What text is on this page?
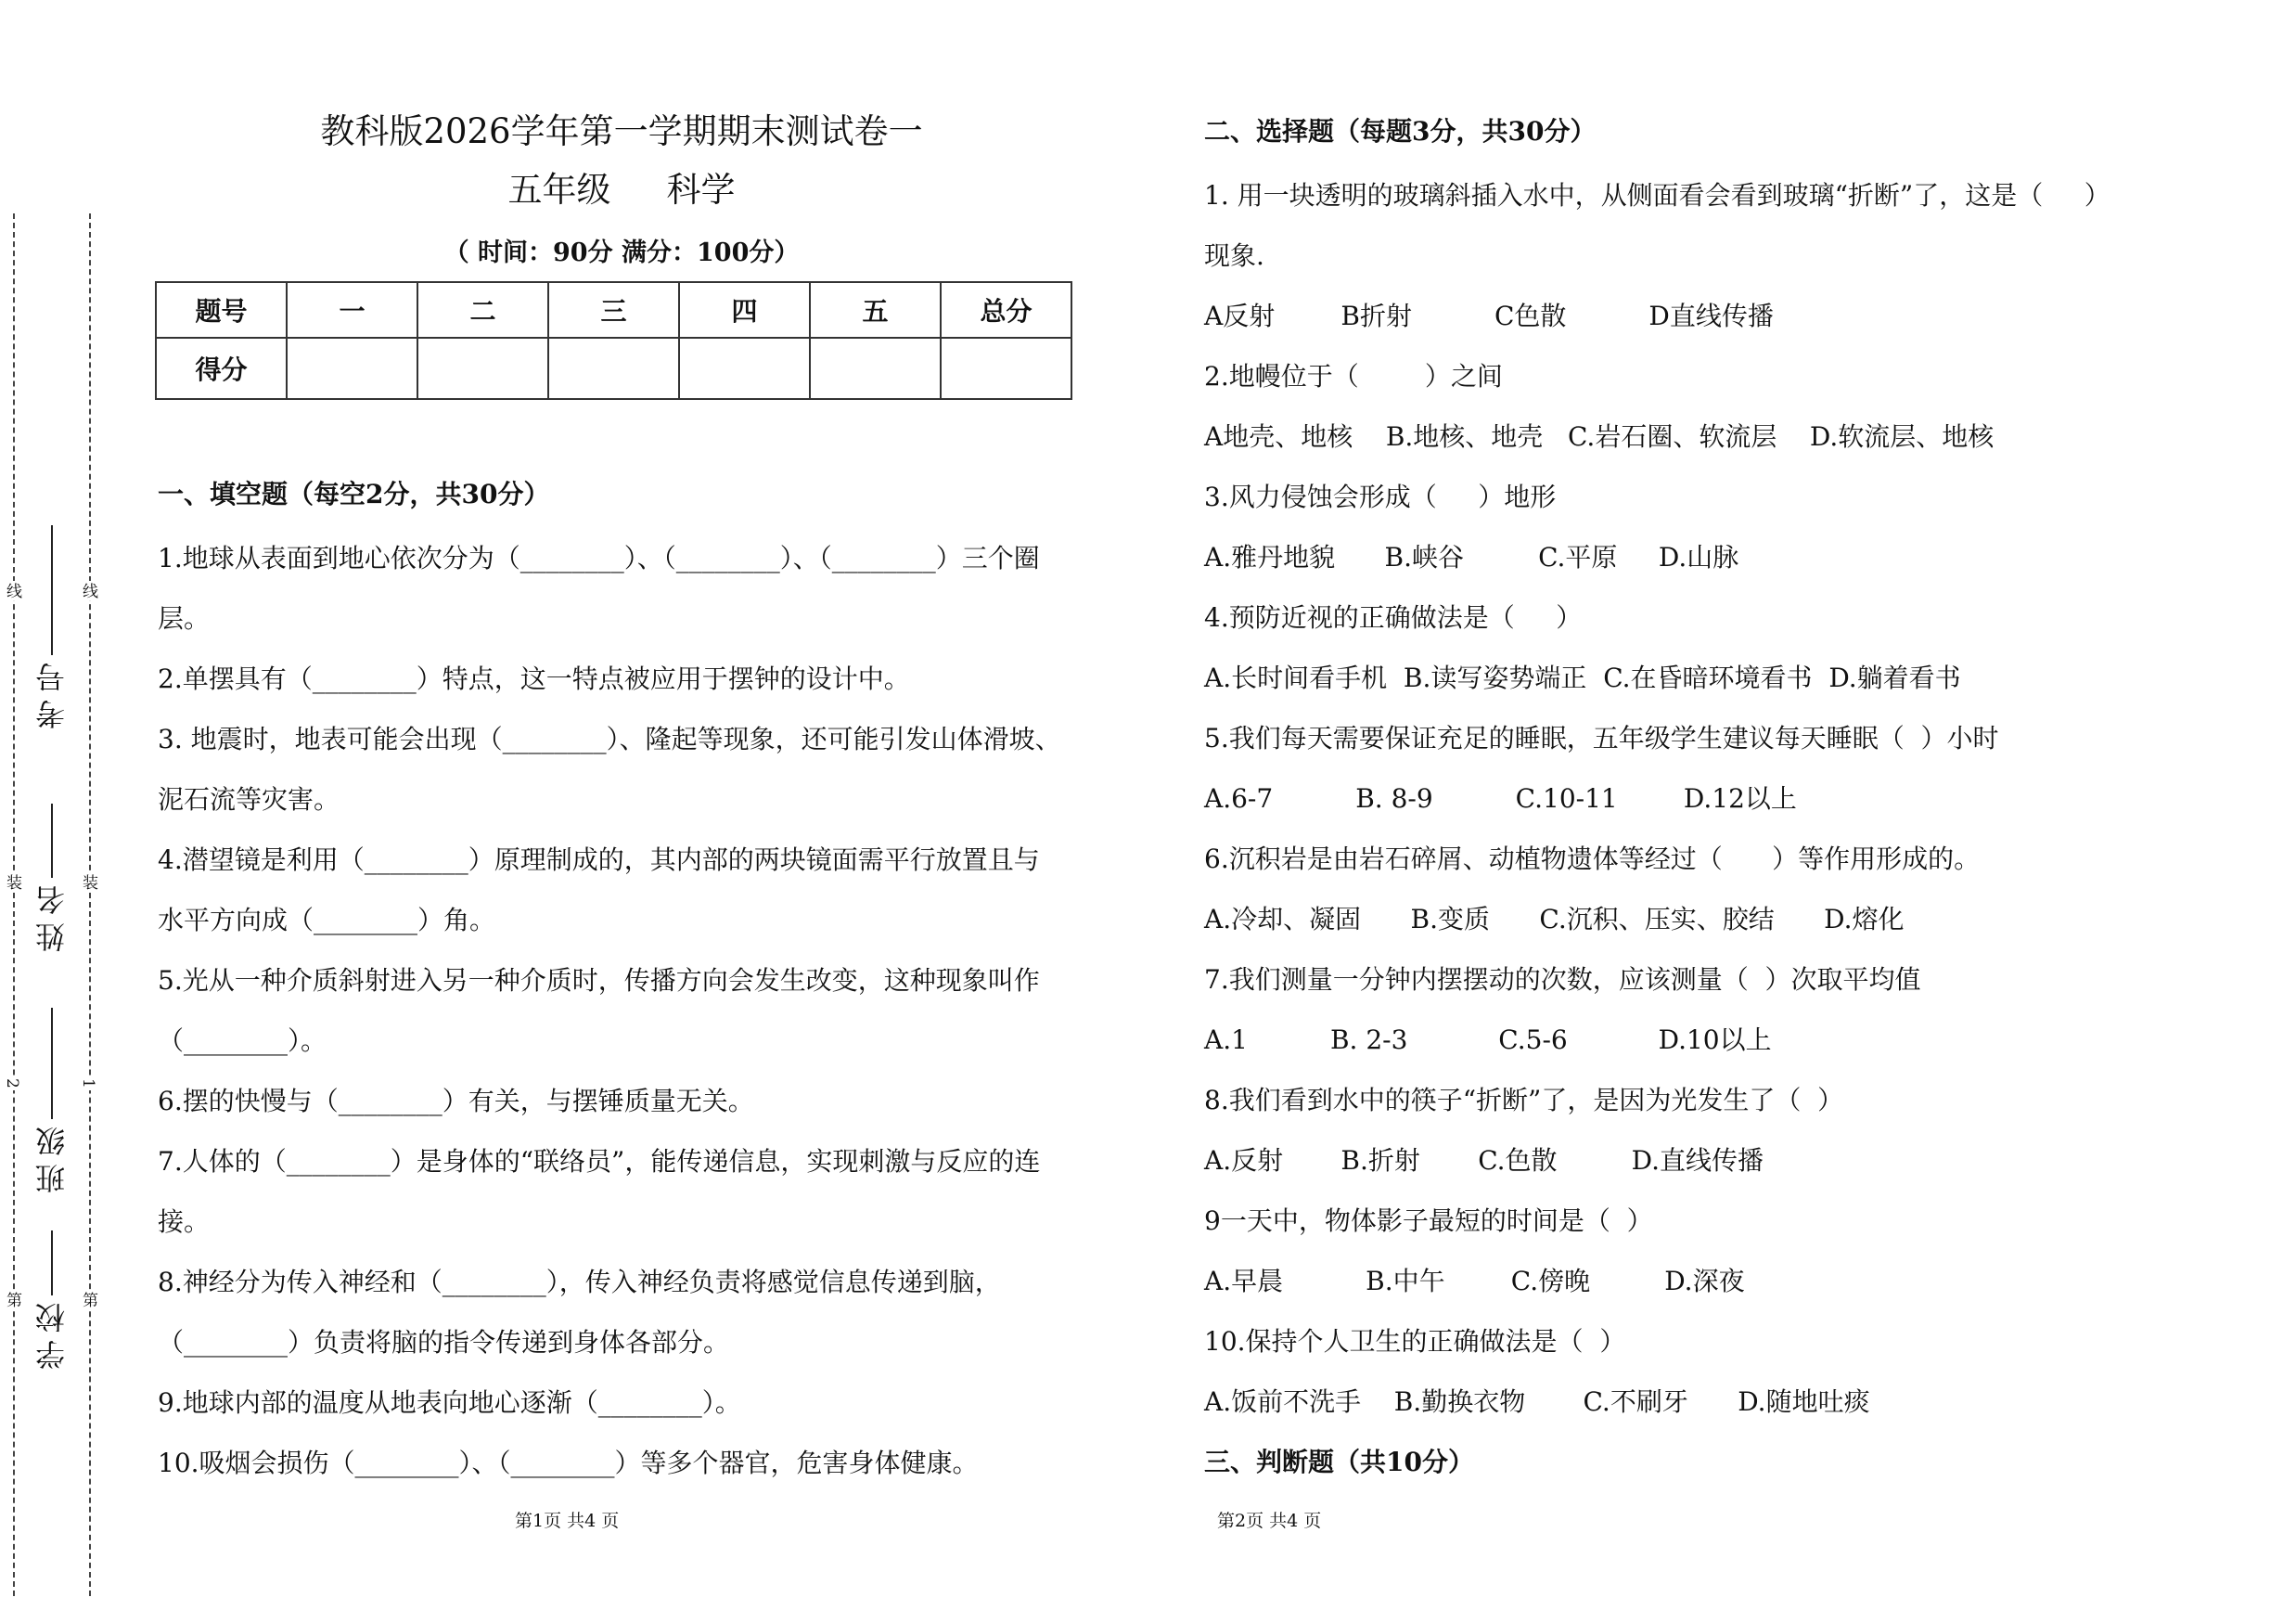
线
装
2
第
线
装
1
第
考号
姓名
班级
学校
教科版2026学年第一学期期末测试卷一
五年级 科学
（ 时间：90分 满分：100分）
题号	一	二	三	四	五	总分
得分						
一、填空题（每空2分，共30分）

1.地球从表面到地心依次分为（________）、（________）、（________）三个圈

层。

2.单摆具有（________）特点，这一特点被应用于摆钟的设计中。

3. 地震时，地表可能会出现（________）、隆起等现象，还可能引发山体滑坡、

泥石流等灾害。

4.潜望镜是利用（________）原理制成的，其内部的两块镜面需平行放置且与

水平方向成（________）角。

5.光从一种介质斜射进入另一种介质时，传播方向会发生改变，这种现象叫作

（________）。

6.摆的快慢与（________）有关，与摆锤质量无关。

7.人体的（________）是身体的“联络员”，能传递信息，实现刺激与反应的连

接。

8.神经分为传入神经和（________），传入神经负责将感觉信息传递到脑，

（________）负责将脑的指令传递到身体各部分。

9.地球内部的温度从地表向地心逐渐（________）。

10.吸烟会损伤（________）、（________）等多个器官，危害身体健康。

二、选择题（每题3分，共30分）

1. 用一块透明的玻璃斜插入水中，从侧面看会看到玻璃“折断”了，这是（     ）

现象.

A反射        B折射          C色散          D直线传播

2.地幔位于（        ）之间

A地壳、地核    B.地核、地壳   C.岩石圈、软流层    D.软流层、地核

3.风力侵蚀会形成（     ）地形

A.雅丹地貌      B.峡谷         C.平原     D.山脉

4.预防近视的正确做法是（     ）

A.长时间看手机  B.读写姿势端正  C.在昏暗环境看书  D.躺着看书

5.我们每天需要保证充足的睡眠，五年级学生建议每天睡眠（  ）小时

A.6-7          B. 8-9          C.10-11        D.12以上

6.沉积岩是由岩石碎屑、动植物遗体等经过（      ）等作用形成的。

A.冷却、凝固      B.变质      C.沉积、压实、胶结      D.熔化

7.我们测量一分钟内摆摆动的次数，应该测量（  ）次取平均值

A.1          B. 2-3           C.5-6           D.10以上

8.我们看到水中的筷子“折断”了，是因为光发生了（  ）

A.反射       B.折射       C.色散         D.直线传播

9一天中，物体影子最短的时间是（  ）

A.早晨          B.中午        C.傍晚         D.深夜

10.保持个人卫生的正确做法是（  ）

A.饭前不洗手    B.勤换衣物       C.不刷牙      D.随地吐痰

三、判断题（共10分）
第1页 共4 页	第2页 共4 页
